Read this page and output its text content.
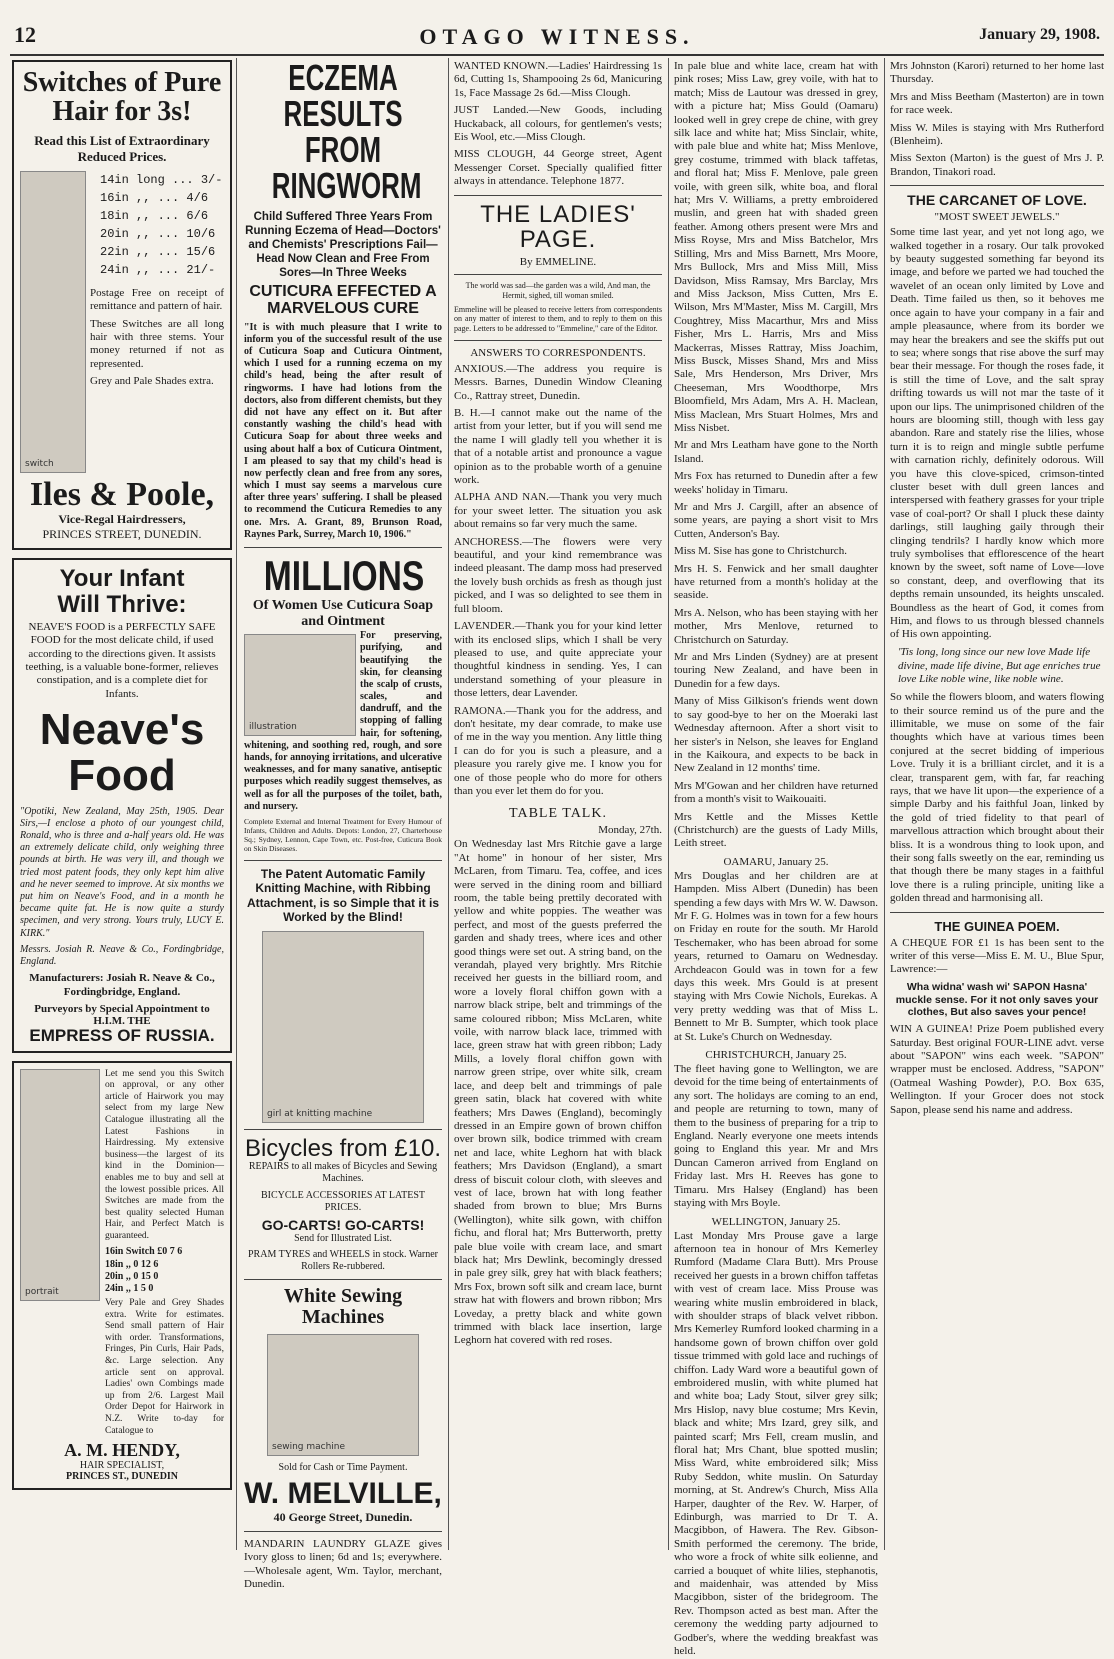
12	OTAGO WITNESS.	January 29, 1908.
Switches of Pure Hair for 3s!
Read this List of Extraordinary Reduced Prices.
switch
14in long ... 3/-
16in ,, ... 4/6
18in ,, ... 6/6
20in ,, ... 10/6
22in ,, ... 15/6
24in ,, ... 21/-

Postage Free on receipt of remittance and pattern of hair.

These Switches are all long hair with three stems. Your money returned if not as represented.

Grey and Pale Shades extra.

Iles & Poole,
Vice-Regal Hairdressers,
PRINCES STREET, DUNEDIN.
Your Infant
Will Thrive:

NEAVE'S FOOD is a PERFECTLY SAFE FOOD for the most delicate child, if used according to the directions given. It assists teething, is a valuable bone-former, relieves constipation, and is a complete diet for Infants.

Neave's Food

"Opotiki, New Zealand, May 25th, 1905. Dear Sirs,—I enclose a photo of our youngest child, Ronald, who is three and a-half years old. He was an extremely delicate child, only weighing three pounds at birth. He was very ill, and though we tried most patent foods, they only kept him alive and he never seemed to improve. At six months we put him on Neave's Food, and in a month he became quite fat. He is now quite a sturdy specimen, and very strong. Yours truly, LUCY E. KIRK."

Messrs. Josiah R. Neave & Co., Fordingbridge, England.

Manufacturers: Josiah R. Neave & Co., Fordingbridge, England.

Purveyors by Special Appointment to H.I.M. THE
EMPRESS OF RUSSIA.
portrait

Let me send you this Switch on approval, or any other article of Hairwork you may select from my large New Catalogue illustrating all the Latest Fashions in Hairdressing. My extensive business—the largest of its kind in the Dominion—enables me to buy and sell at the lowest possible prices. All Switches are made from the best quality selected Human Hair, and Perfect Match is guaranteed.

16in Switch £0 7 6
18in ,, 0 12 6
20in ,, 0 15 0
24in ,, 1 5 0

Very Pale and Grey Shades extra. Write for estimates. Send small pattern of Hair with order. Transformations, Fringes, Pin Curls, Hair Pads, &c. Large selection. Any article sent on approval. Ladies' own Combings made up from 2/6. Largest Mail Order Depot for Hairwork in N.Z. Write to-day for Catalogue to

A. M. HENDY,
HAIR SPECIALIST,
PRINCES ST., DUNEDIN
ECZEMA RESULTS FROM RINGWORM

Child Suffered Three Years From Running Eczema of Head—Doctors' and Chemists' Prescriptions Fail—Head Now Clean and Free From Sores—In Three Weeks

CUTICURA EFFECTED A MARVELOUS CURE

"It is with much pleasure that I write to inform you of the successful result of the use of Cuticura Soap and Cuticura Ointment, which I used for a running eczema on my child's head, being the after result of ringworms. I have had lotions from the doctors, also from different chemists, but they did not have any effect on it. But after constantly washing the child's head with Cuticura Soap for about three weeks and using about half a box of Cuticura Ointment, I am pleased to say that my child's head is now perfectly clean and free from any sores, which I must say seems a marvelous cure after three years' suffering. I shall be pleased to recommend the Cuticura Remedies to any one. Mrs. A. Grant, 89, Brunson Road, Raynes Park, Surrey, March 10, 1906."

MILLIONS
Of Women Use Cuticura Soap and Ointment
illustration

For preserving, purifying, and beautifying the skin, for cleansing the scalp of crusts, scales, and dandruff, and the stopping of falling hair, for softening, whitening, and soothing red, rough, and sore hands, for annoying irritations, and ulcerative weaknesses, and for many sanative, antiseptic purposes which readily suggest themselves, as well as for all the purposes of the toilet, bath, and nursery.

Complete External and Internal Treatment for Every Humour of Infants, Children and Adults. Depots: London, 27, Charterhouse Sq.; Sydney, Lennon, Cape Town, etc. Post-free, Cuticura Book on Skin Diseases.

The Patent Automatic Family Knitting Machine, with Ribbing Attachment, is so Simple that it is Worked by the Blind!

girl at knitting machine
Bicycles from £10.

REPAIRS to all makes of Bicycles and Sewing Machines.

BICYCLE ACCESSORIES AT LATEST PRICES.

GO-CARTS! GO-CARTS!

Send for Illustrated List.

PRAM TYRES and WHEELS in stock. Warner Rollers Re-rubbered.

White Sewing Machines
sewing machine

Sold for Cash or Time Payment.

W. MELVILLE,
40 George Street, Dunedin.

MANDARIN LAUNDRY GLAZE gives Ivory gloss to linen; 6d and 1s; everywhere.—Wholesale agent, Wm. Taylor, merchant, Dunedin.

WANTED KNOWN.—Ladies' Hairdressing 1s 6d, Cutting 1s, Shampooing 2s 6d, Manicuring 1s, Face Massage 2s 6d.—Miss Clough.

JUST Landed.—New Goods, including Huckaback, all colours, for gentlemen's vests; Eis Wool, etc.—Miss Clough.

MISS CLOUGH, 44 George street, Agent Messenger Corset. Specially qualified fitter always in attendance. Telephone 1877.

THE LADIES' PAGE.
By EMMELINE.

The world was sad—the garden was a wild, And man, the Hermit, sighed, till woman smiled.

Emmeline will be pleased to receive letters from correspondents on any matter of interest to them, and to reply to them on this page. Letters to be addressed to "Emmeline," care of the Editor.

ANSWERS TO CORRESPONDENTS.

ANXIOUS.—The address you require is Messrs. Barnes, Dunedin Window Cleaning Co., Rattray street, Dunedin.

B. H.—I cannot make out the name of the artist from your letter, but if you will send me the name I will gladly tell you whether it is that of a notable artist and pronounce a vague opinion as to the probable worth of a genuine work.

ALPHA AND NAN.—Thank you very much for your sweet letter. The situation you ask about remains so far very much the same.

ANCHORESS.—The flowers were very beautiful, and your kind remembrance was indeed pleasant. The damp moss had preserved the lovely bush orchids as fresh as though just picked, and I was so delighted to see them in full bloom.

LAVENDER.—Thank you for your kind letter with its enclosed slips, which I shall be very pleased to use, and quite appreciate your thoughtful kindness in sending. Yes, I can understand something of your pleasure in those letters, dear Lavender.

RAMONA.—Thank you for the address, and don't hesitate, my dear comrade, to make use of me in the way you mention. Any little thing I can do for you is such a pleasure, and a pleasure you rarely give me. I know you for one of those people who do more for others than you ever let them do for you.

TABLE TALK.
Monday, 27th.

On Wednesday last Mrs Ritchie gave a large "At home" in honour of her sister, Mrs McLaren, from Timaru. Tea, coffee, and ices were served in the dining room and billiard room, the table being prettily decorated with yellow and white poppies. The weather was perfect, and most of the guests preferred the garden and shady trees, where ices and other good things were set out. A string band, on the verandah, played very brightly. Mrs Ritchie received her guests in the billiard room, and wore a lovely floral chiffon gown with a narrow black stripe, belt and trimmings of the same coloured ribbon; Miss McLaren, white voile, with narrow black lace, trimmed with lace, green straw hat with green ribbon; Lady Mills, a lovely floral chiffon gown with narrow green stripe, over white silk, cream lace, and deep belt and trimmings of pale green satin, black hat covered with white feathers; Mrs Dawes (England), becomingly dressed in an Empire gown of brown chiffon over brown silk, bodice trimmed with cream net and lace, white Leghorn hat with black feathers; Mrs Davidson (England), a smart dress of biscuit colour cloth, with sleeves and vest of lace, brown hat with long feather shaded from brown to blue; Mrs Burns (Wellington), white silk gown, with chiffon fichu, and floral hat; Mrs Butterworth, pretty pale blue voile with cream lace, and smart black hat; Mrs Dewlink, becomingly dressed in pale grey silk, grey hat with black feathers; Mrs Fox, brown soft silk and cream lace, burnt straw hat with flowers and brown ribbon; Mrs Loveday, a pretty black and white gown trimmed with black lace insertion, large Leghorn hat covered with red roses.

In pale blue and white lace, cream hat with pink roses; Miss Law, grey voile, with hat to match; Miss de Lautour was dressed in grey, with a picture hat; Miss Gould (Oamaru) looked well in grey crepe de chine, with grey silk lace and white hat; Miss Sinclair, white, with pale blue and white hat; Miss Menlove, grey costume, trimmed with black taffetas, and floral hat; Miss F. Menlove, pale green voile, with green silk, white boa, and floral hat; Mrs V. Williams, a pretty embroidered muslin, and green hat with shaded green feather. Among others present were Mrs and Miss Royse, Mrs and Miss Batchelor, Mrs Stilling, Mrs and Miss Barnett, Mrs Moore, Mrs Bullock, Mrs and Miss Mill, Miss Davidson, Miss Ramsay, Mrs Barclay, Mrs and Miss Jackson, Miss Cutten, Mrs E. Wilson, Mrs M'Master, Miss M. Cargill, Mrs Coughtrey, Miss Macarthur, Mrs and Miss Fisher, Mrs L. Harris, Mrs and Miss Mackerras, Misses Rattray, Miss Joachim, Miss Busck, Misses Shand, Mrs and Miss Sale, Mrs Henderson, Mrs Driver, Mrs Cheeseman, Mrs Woodthorpe, Mrs Bloomfield, Mrs Adam, Mrs A. H. Maclean, Miss Maclean, Mrs Stuart Holmes, Mrs and Miss Nisbet.

Mr and Mrs Leatham have gone to the North Island.

Mrs Fox has returned to Dunedin after a few weeks' holiday in Timaru.

Mr and Mrs J. Cargill, after an absence of some years, are paying a short visit to Mrs Cutten, Anderson's Bay.

Miss M. Sise has gone to Christchurch.

Mrs H. S. Fenwick and her small daughter have returned from a month's holiday at the seaside.

Mrs A. Nelson, who has been staying with her mother, Mrs Menlove, returned to Christchurch on Saturday.

Mr and Mrs Linden (Sydney) are at present touring New Zealand, and have been in Dunedin for a few days.

Many of Miss Gilkison's friends went down to say good-bye to her on the Moeraki last Wednesday afternoon. After a short visit to her sister's in Nelson, she leaves for England in the Kaikoura, and expects to be back in New Zealand in 12 months' time.

Mrs M'Gowan and her children have returned from a month's visit to Waikouaiti.

Mrs Kettle and the Misses Kettle (Christchurch) are the guests of Lady Mills, Leith street.

OAMARU, January 25.

Mrs Douglas and her children are at Hampden. Miss Albert (Dunedin) has been spending a few days with Mrs W. W. Dawson. Mr F. G. Holmes was in town for a few hours on Friday en route for the south. Mr Harold Teschemaker, who has been abroad for some years, returned to Oamaru on Wednesday. Archdeacon Gould was in town for a few days this week. Mrs Gould is at present staying with Mrs Cowie Nichols, Eurekas. A very pretty wedding was that of Miss L. Bennett to Mr B. Sumpter, which took place at St. Luke's Church on Wednesday.

CHRISTCHURCH, January 25.

The fleet having gone to Wellington, we are devoid for the time being of entertainments of any sort. The holidays are coming to an end, and people are returning to town, many of them to the business of preparing for a trip to England. Nearly everyone one meets intends going to England this year. Mr and Mrs Duncan Cameron arrived from England on Friday last. Mrs H. Reeves has gone to Timaru. Mrs Halsey (England) has been staying with Mrs Boyle.

WELLINGTON, January 25.

Last Monday Mrs Prouse gave a large afternoon tea in honour of Mrs Kemerley Rumford (Madame Clara Butt). Mrs Prouse received her guests in a brown chiffon taffetas with vest of cream lace. Miss Prouse was wearing white muslin embroidered in black, with shoulder straps of black velvet ribbon. Mrs Kemerley Rumford looked charming in a handsome gown of brown chiffon over gold tissue trimmed with gold lace and ruchings of chiffon. Lady Ward wore a beautiful gown of embroidered muslin, with white plumed hat and white boa; Lady Stout, silver grey silk; Mrs Hislop, navy blue costume; Mrs Kevin, black and white; Mrs Izard, grey silk, and painted scarf; Mrs Fell, cream muslin, and floral hat; Mrs Chant, blue spotted muslin; Miss Ward, white embroidered silk; Miss Ruby Seddon, white muslin. On Saturday morning, at St. Andrew's Church, Miss Alla Harper, daughter of the Rev. W. Harper, of Edinburgh, was married to Dr T. A. Macgibbon, of Hawera. The Rev. Gibson-Smith performed the ceremony. The bride, who wore a frock of white silk eolienne, and carried a bouquet of white lilies, stephanotis, and maidenhair, was attended by Miss Macgibbon, sister of the bridegroom. The Rev. Thompson acted as best man. After the ceremony the wedding party adjourned to Godber's, where the wedding breakfast was held.

Mrs Johnston (Karori) returned to her home last Thursday.

Mrs and Miss Beetham (Masterton) are in town for race week.

Miss W. Miles is staying with Mrs Rutherford (Blenheim).

Miss Sexton (Marton) is the guest of Mrs J. P. Brandon, Tinakori road.

THE CARCANET OF LOVE.
"MOST SWEET JEWELS."

Some time last year, and yet not long ago, we walked together in a rosary. Our talk provoked by beauty suggested something far beyond its image, and before we parted we had touched the wavelet of an ocean only limited by Love and Death. Time failed us then, so it behoves me once again to have your company in a fair and ample pleasaunce, where from its border we may hear the breakers and see the skiffs put out to sea; where songs that rise above the surf may bear their message. For though the roses fade, it is still the time of Love, and the salt spray drifting towards us will not mar the taste of it upon our lips. The unimprisoned children of the hours are blooming still, though with less gay abandon. Rare and stately rise the lilies, whose turn it is to reign and mingle subtle perfume with carnation richly, definitely odorous. Will you have this clove-spiced, crimson-tinted cluster beset with dull green lances and interspersed with feathery grasses for your triple vase of coal-port? Or shall I pluck these dainty darlings, still laughing gaily through their clinging tendrils? I hardly know which more truly symbolises that efflorescence of the heart known by the sweet, soft name of Love—love so constant, deep, and overflowing that its depths remain unsounded, its heights unscaled. Boundless as the heart of God, it comes from Him, and flows to us through blessed channels of His own appointing.

'Tis long, long since our new love Made life divine, made life divine, But age enriches true love Like noble wine, like noble wine.

So while the flowers bloom, and waters flowing to their source remind us of the pure and the illimitable, we muse on some of the fair thoughts which have at various times been conjured at the secret bidding of imperious Love. Truly it is a brilliant circlet, and it is a clear, transparent gem, with far, far reaching rays, that we have lit upon—the experience of a simple Darby and his faithful Joan, linked by the gold of tried fidelity to that pearl of marvellous attraction which brought about their bliss. It is a wondrous thing to look upon, and their song falls sweetly on the ear, reminding us that though there be many stages in a faithful love there is a ruling principle, uniting like a golden thread and harmonising all.

THE GUINEA POEM.

A CHEQUE FOR £1 1s has been sent to the writer of this verse—Miss E. M. U., Blue Spur, Lawrence:—

Wha widna' wash wi' SAPON Hasna' muckle sense. For it not only saves your clothes, But also saves your pence!

WIN A GUINEA! Prize Poem published every Saturday. Best original FOUR-LINE advt. verse about "SAPON" wins each week. "SAPON" wrapper must be enclosed. Address, "SAPON" (Oatmeal Washing Powder), P.O. Box 635, Wellington. If your Grocer does not stock Sapon, please send his name and address.
